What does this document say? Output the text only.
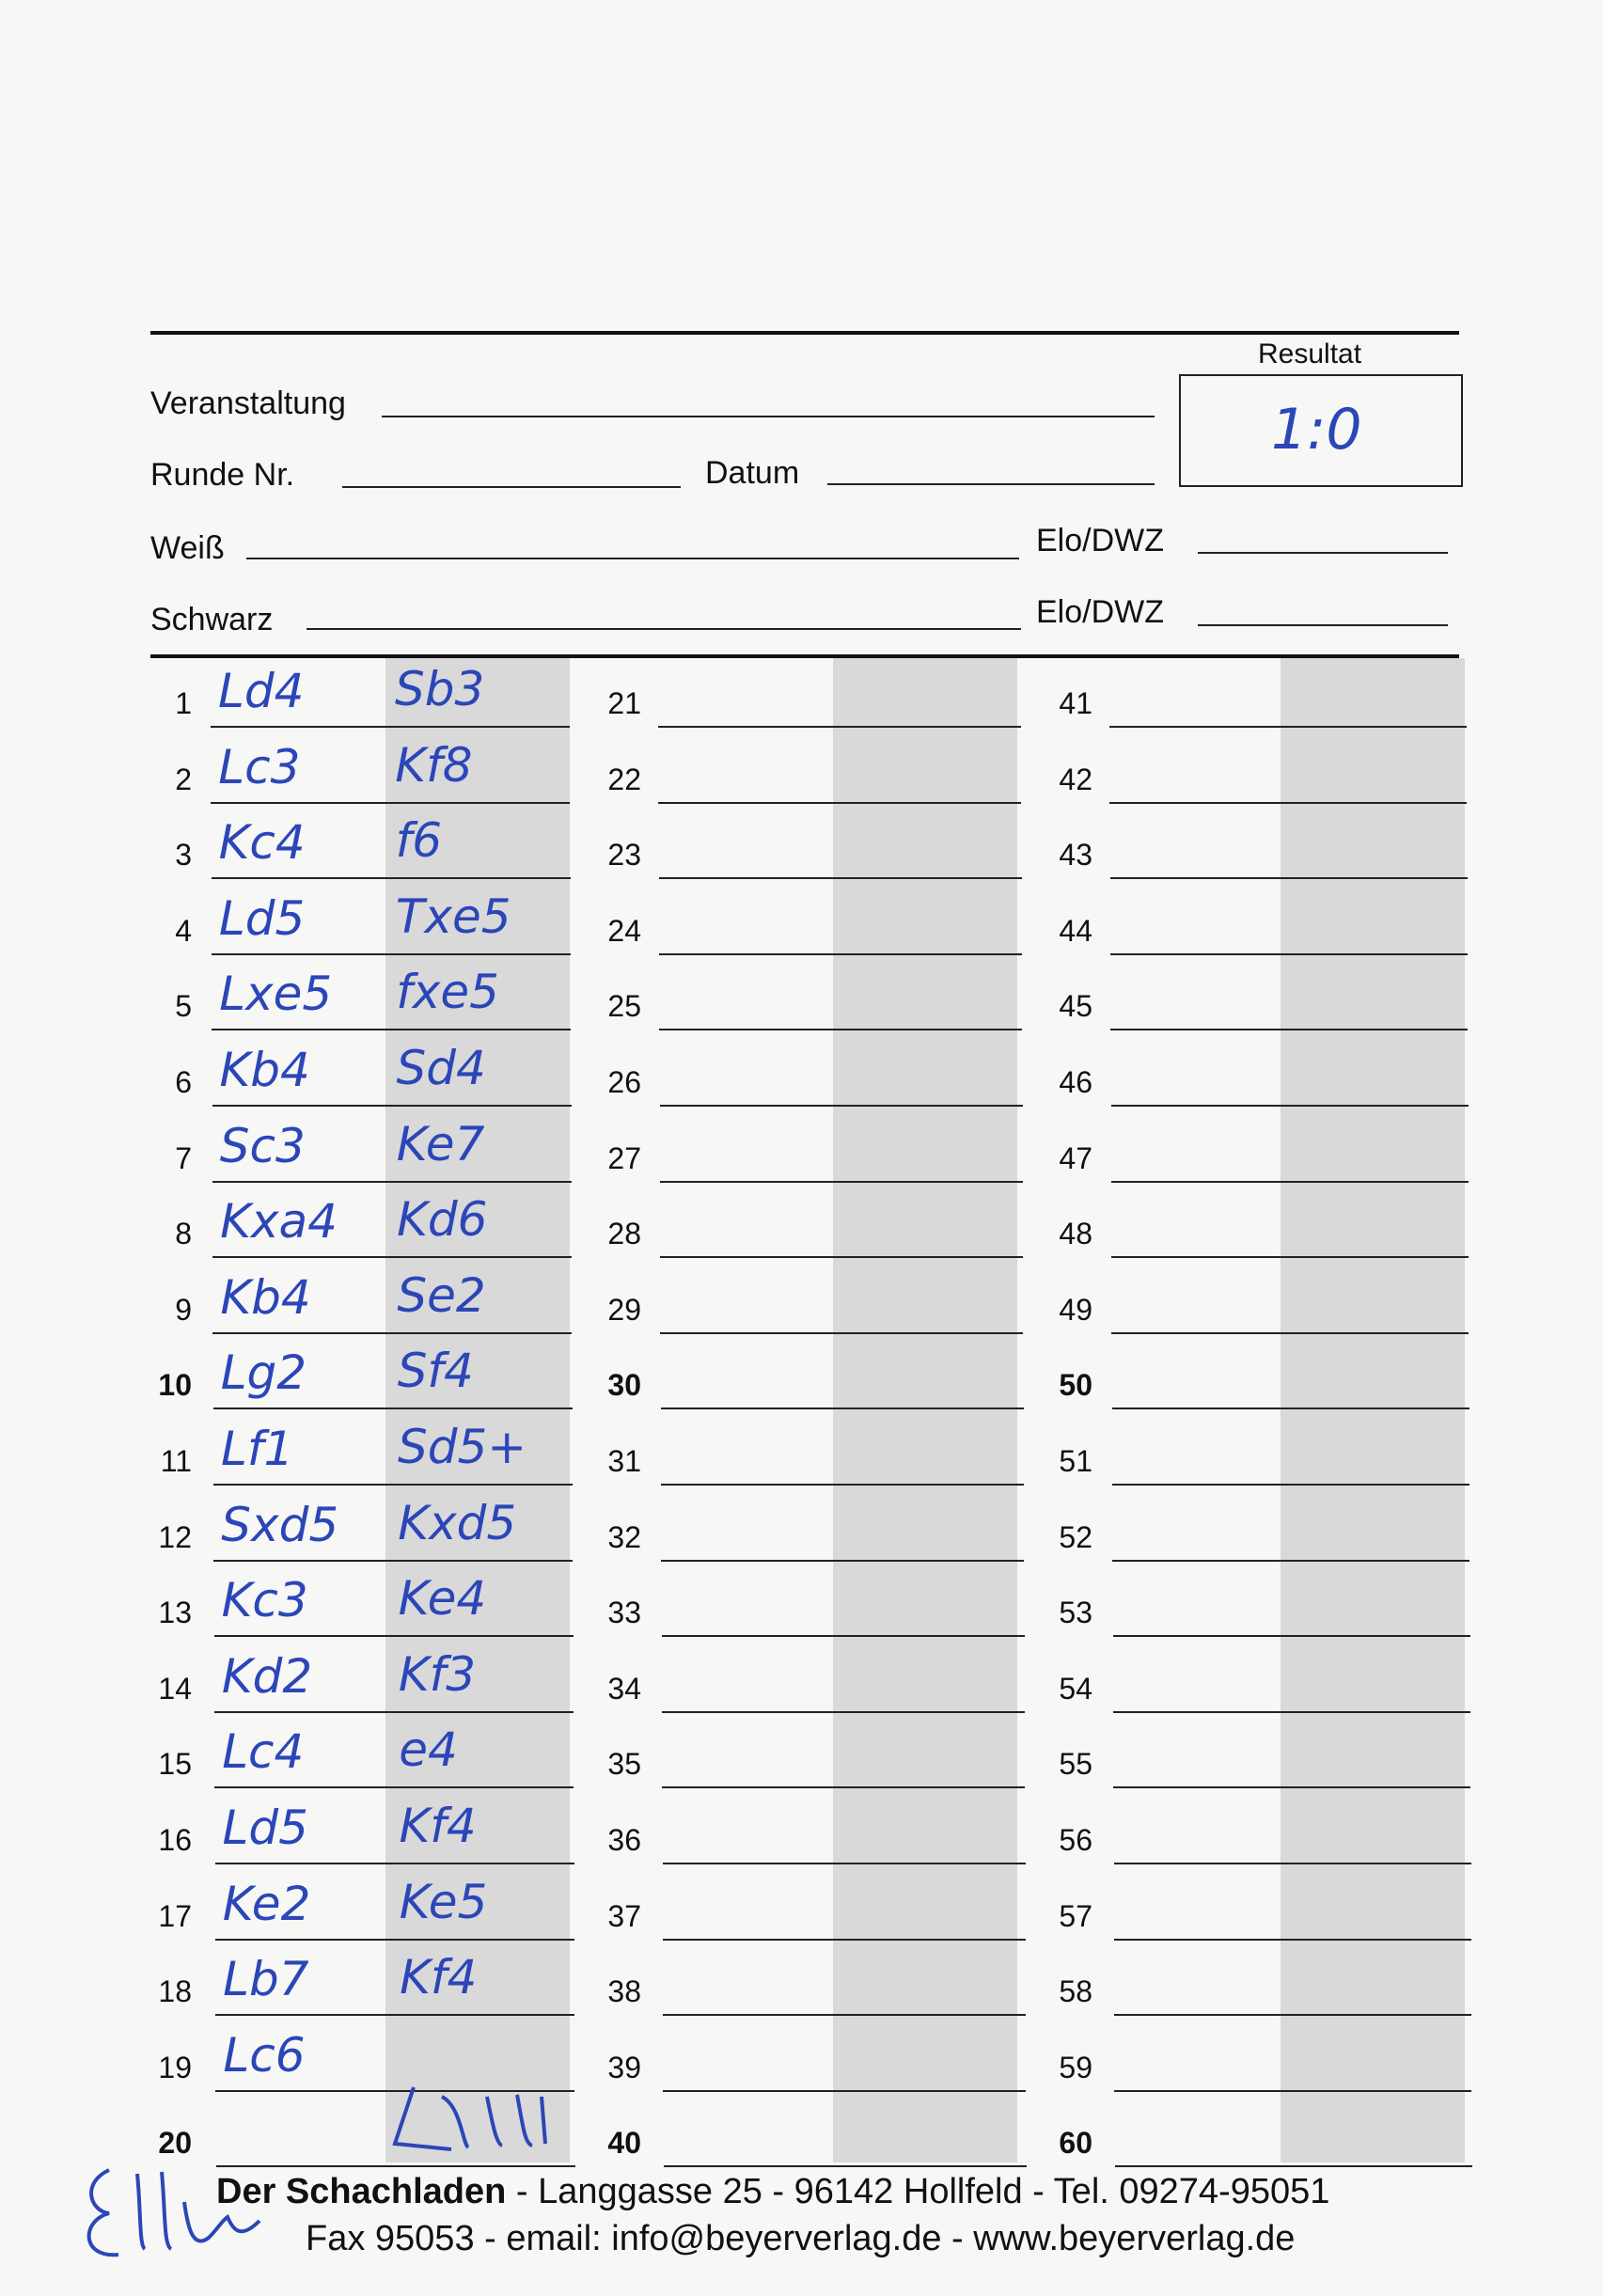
Resultat
1:0
Veranstaltung
Runde Nr.	Datum
Weiß	Elo/DWZ
Schwarz	Elo/DWZ
1 Ld4 Sb3
2 Lc3 Kf8
3 Kc4 f6
4 Ld5 Txe5
5 Lxe5 fxe5
6 Kb4 Sd4
7 Sc3 Ke7
8 Kxa4 Kd6
9 Kb4 Se2
10 Lg2 Sf4
11 Lf1 Sd5+
12 Sxd5 Kxd5
13 Kc3 Ke4
14 Kd2 Kf3
15 Lc4 e4
16 Ld5 Kf4
17 Ke2 Ke5
18 Lb7 Kf4
19 Lc6
20
21
22
23
24
25
26
27
28
29
30
31
32
33
34
35
36
37
38
39
40
41
42
43
44
45
46
47
48
49
50
51
52
53
54
55
56
57
58
59
60
Der Schachladen - Langgasse 25 - 96142 Hollfeld - Tel. 09274-95051
Fax 95053 - email: info@beyerverlag.de - www.beyerverlag.de
